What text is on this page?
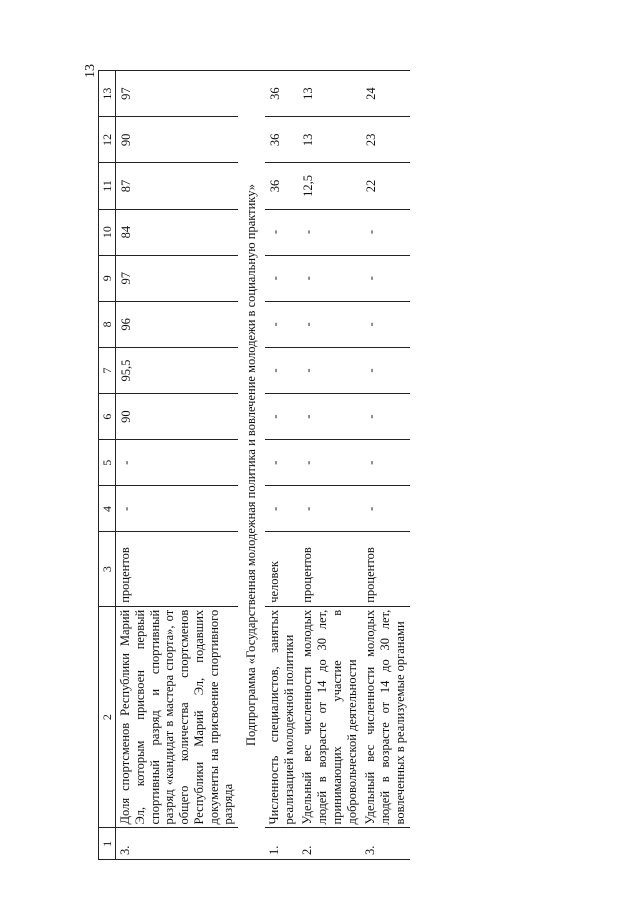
13
1	2	3	4	5	6	7	8	9	10	11	12	13
3.	Доля спортсменов Республики Марий Эл, которым присвоен первый спортивный разряд и спортивный разряд «кандидат в мастера спорта», от общего количества спортсменов Республики Марий Эл, подавших документы на присвоение спортивного разряда	процентов	-	-	90	95,5	96	97	84	87	90	97
Подпрограмма «Государственная молодежная политика и вовлечение молодежи в социальную практику»												
1.	Численность специалистов, занятых реализацией молодежной политики	человек	-	-	-	-	-	-	-	36	36	36
2.	Удельный вес численности молодых людей в возрасте от 14 до 30 лет, принимающих участие в добровольческой деятельности	процентов	-	-	-	-	-	-	-	12,5	13	13
3.	Удельный вес численности молодых людей в возрасте от 14 до 30 лет, вовлеченных в реализуемые органами	процентов	-	-	-	-	-	-	-	22	23	24
